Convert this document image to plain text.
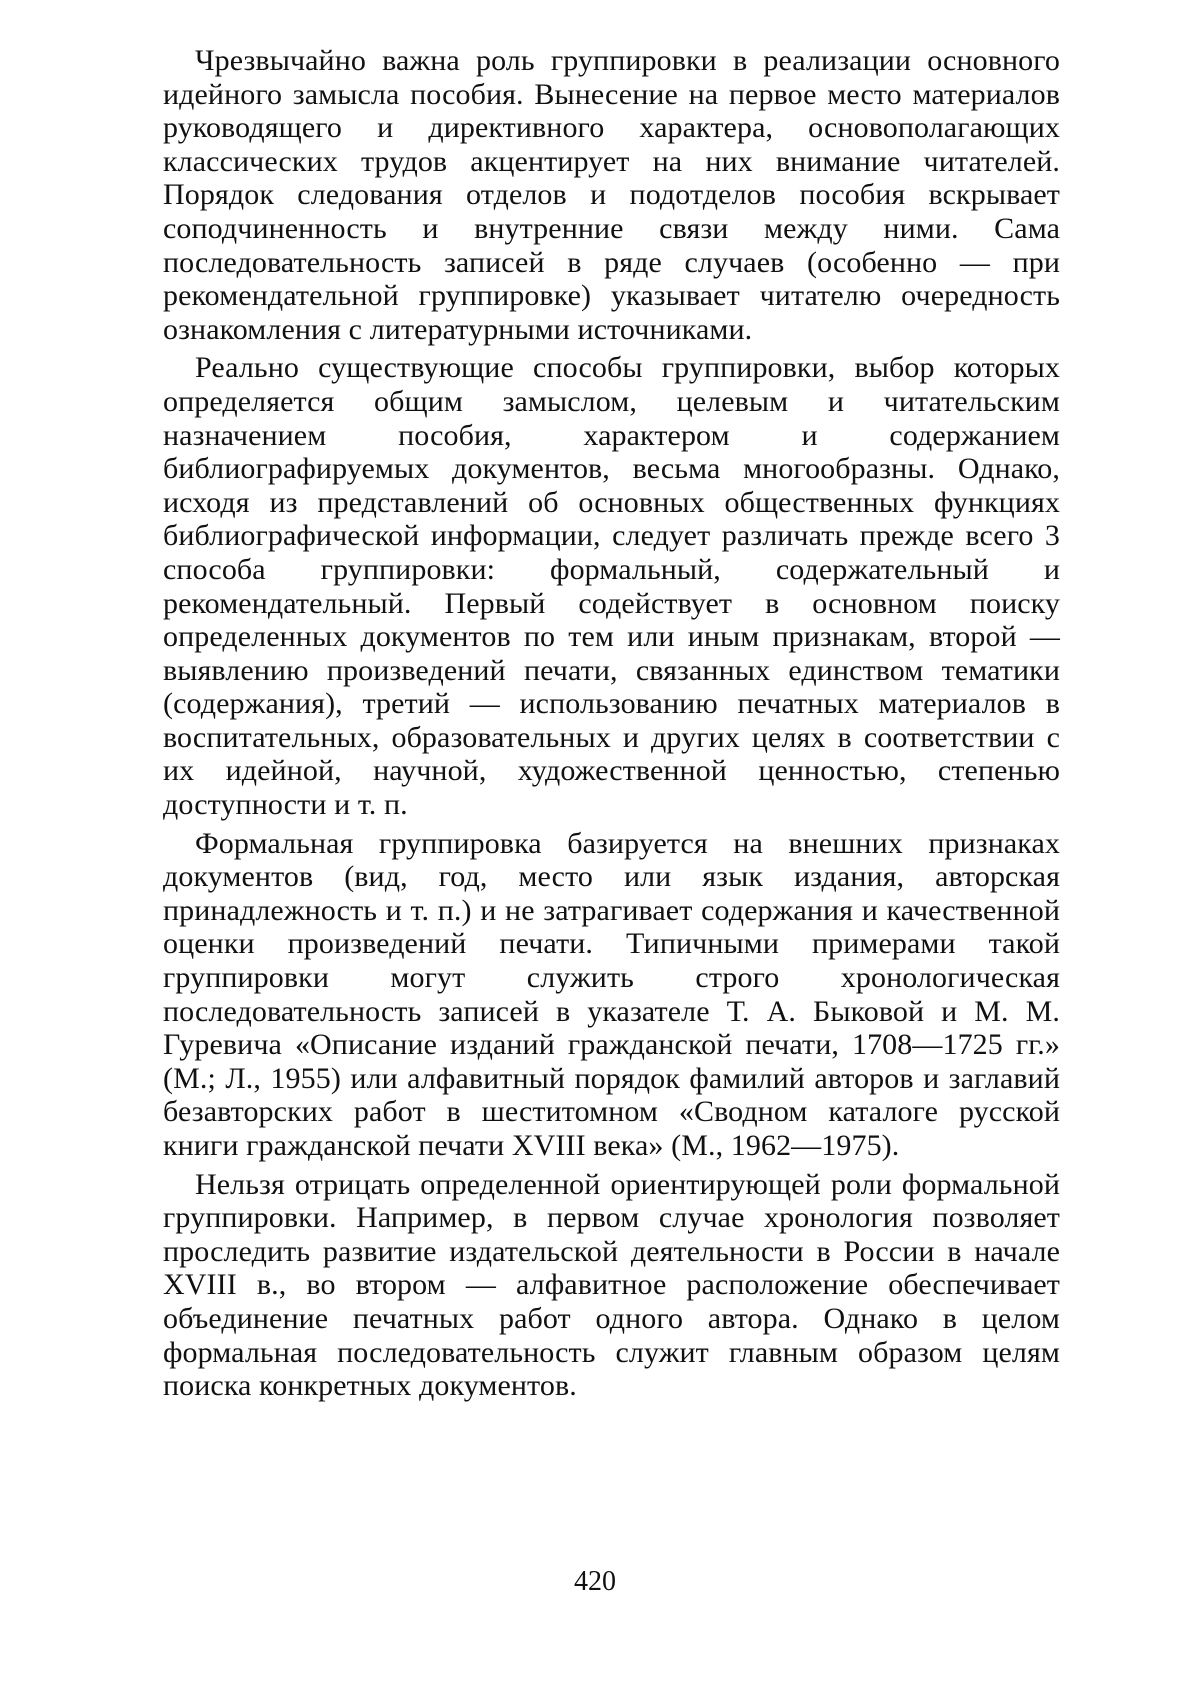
Чрезвычайно важна роль группировки в реализации основного идейного замысла пособия. Вынесение на первое место материалов руководящего и директивного характера, основополагающих классических трудов акцентирует на них внимание читателей. Порядок следования отделов и подотделов пособия вскрывает соподчиненность и внутренние связи между ними. Сама последовательность записей в ряде случаев (особенно — при рекомендательной группировке) указывает читателю очередность ознакомления с литературными источниками.

Реально существующие способы группировки, выбор которых определяется общим замыслом, целевым и читательским назначением пособия, характером и содержанием библиографируемых документов, весьма многообразны. Однако, исходя из представлений об основных общественных функциях библиографической информации, следует различать прежде всего 3 способа группировки: формальный, содержательный и рекомендательный. Первый содействует в основном поиску определенных документов по тем или иным признакам, второй — выявлению произведений печати, связанных единством тематики (содержания), третий — использованию печатных материалов в воспитательных, образовательных и других целях в соответствии с их идейной, научной, художественной ценностью, степенью доступности и т. п.

Формальная группировка базируется на внешних признаках документов (вид, год, место или язык издания, авторская принадлежность и т. п.) и не затрагивает содержания и качественной оценки произведений печати. Типичными примерами такой группировки могут служить строго хронологическая последовательность записей в указателе Т. А. Быковой и М. М. Гуревича «Описание изданий гражданской печати, 1708—1725 гг.» (М.; Л., 1955) или алфавитный порядок фамилий авторов и заглавий безавторских работ в шеститомном «Сводном каталоге русской книги гражданской печати XVIII века» (М., 1962—1975).

Нельзя отрицать определенной ориентирующей роли формальной группировки. Например, в первом случае хронология позволяет проследить развитие издательской деятельности в России в начале XVIII в., во втором — алфавитное расположение обеспечивает объединение печатных работ одного автора. Однако в целом формальная последовательность служит главным образом целям поиска конкретных документов.

420
